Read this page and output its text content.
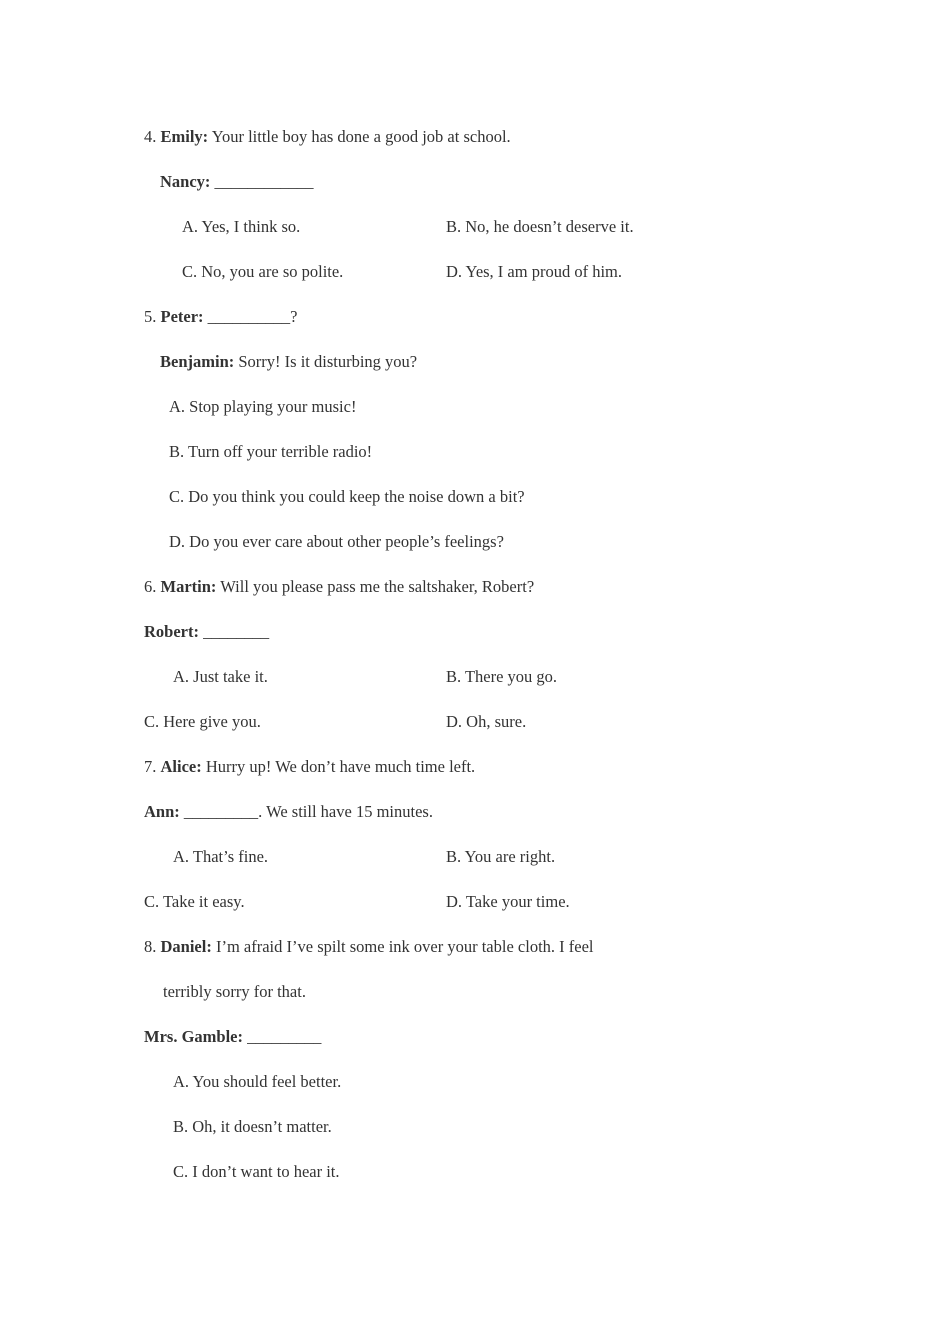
4. Emily: Your little boy has done a good job at school.
Nancy: ____________
A. Yes, I think so.	B. No, he doesn’t deserve it.
C. No, you are so polite.	D. Yes, I am proud of him.
5. Peter: __________?
Benjamin: Sorry! Is it disturbing you?
A. Stop playing your music!
B. Turn off your terrible radio!
C. Do you think you could keep the noise down a bit?
D. Do you ever care about other people’s feelings?
6. Martin: Will you please pass me the saltshaker, Robert?
Robert: ________
A. Just take it.	B. There you go.
C. Here give you.	D. Oh, sure.
7. Alice: Hurry up! We don’t have much time left.
Ann: _________. We still have 15 minutes.
A. That’s fine.	B. You are right.
C. Take it easy.	D. Take your time.
8. Daniel: I’m afraid I’ve spilt some ink over your table cloth. I feel
terribly sorry for that.
Mrs. Gamble: _________
A. You should feel better.
B. Oh, it doesn’t matter.
C. I don’t want to hear it.
